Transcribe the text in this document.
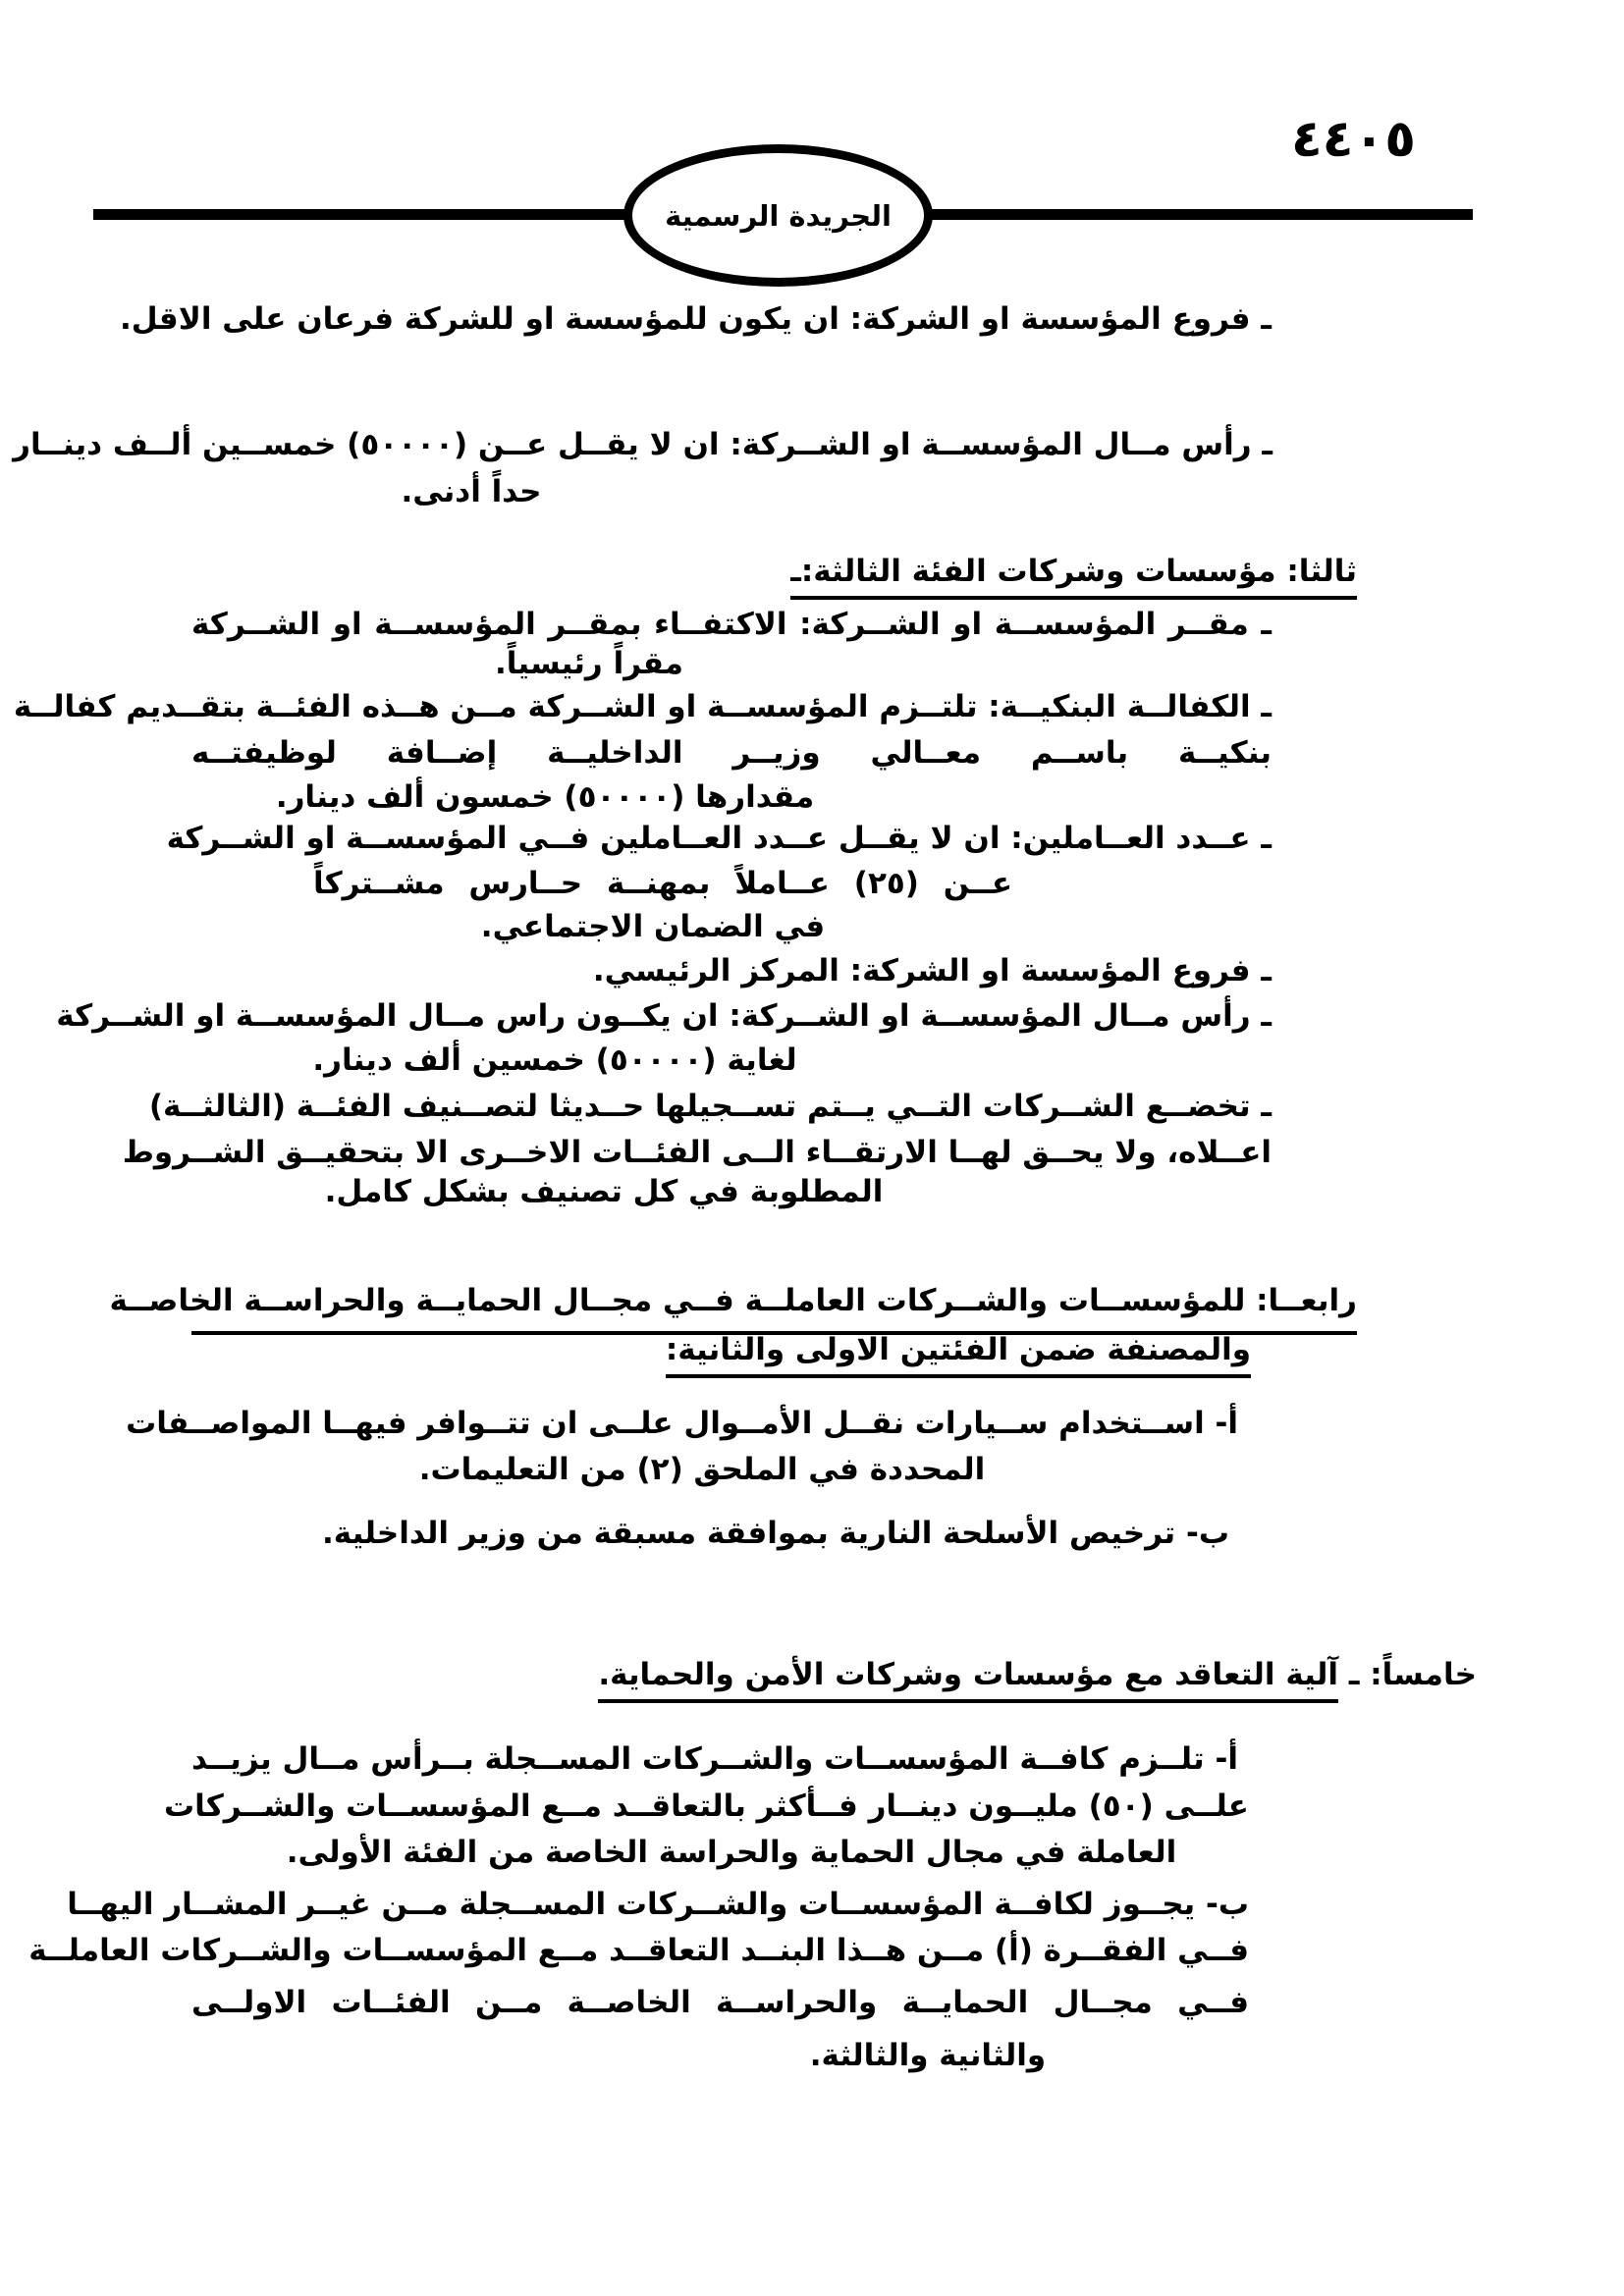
٤٤٠٥
الجريدة الرسمية
ـ فروع المؤسسة او الشركة: ان يكون للمؤسسة او للشركة فرعان على الاقل.
ـ رأس مــال المؤسســة او الشــركة: ان لا يقــل عــن (٥٠٠٠٠) خمســين ألــف دينــار
حداً أدنى.
ثالثا: مؤسسات وشركات الفئة الثالثة:ـ
ـ مقــر المؤسســة او الشــركة: الاكتفــاء بمقــر المؤسســة او الشــركة
مقراً رئيسياً.
ـ الكفالــة البنكيــة: تلتــزم المؤسســة او الشــركة مــن هــذه الفئــة بتقــديم كفالــة
بنكيــة باســم معــالي وزيــر الداخليــة إضــافة لوظيفتــه
مقدارها (٥٠٠٠٠) خمسون ألف دينار.
ـ عــدد العــاملين: ان لا يقــل عــدد العــاملين فــي المؤسســة او الشــركة
عــن (٢٥) عــاملاً بمهنــة حــارس مشــتركاً
في الضمان الاجتماعي.
ـ فروع المؤسسة او الشركة: المركز الرئيسي.
ـ رأس مــال المؤسســة او الشــركة: ان يكــون راس مــال المؤسســة او الشــركة
لغاية (٥٠٠٠٠) خمسين ألف دينار.
ـ تخضــع الشــركات التــي يــتم تســجيلها حــديثا لتصــنيف الفئــة (الثالثــة)
اعــلاه، ولا يحــق لهــا الارتقــاء الــى الفئــات الاخــرى الا بتحقيــق الشــروط
المطلوبة في كل تصنيف بشكل كامل.
رابعــا: للمؤسســات والشــركات العاملــة فــي مجــال الحمايــة والحراســة الخاصــة
والمصنفة ضمن الفئتين الاولى والثانية:
أ- اســتخدام ســيارات نقــل الأمــوال علــى ان تتــوافر فيهــا المواصــفات
المحددة في الملحق (٢) من التعليمات.
ب- ترخيص الأسلحة النارية بموافقة مسبقة من وزير الداخلية.
خامساً: ـ آلية التعاقد مع مؤسسات وشركات الأمن والحماية.
أ- تلــزم كافــة المؤسســات والشــركات المســجلة بــرأس مــال يزيــد
علــى (٥٠) مليــون دينــار فــأكثر بالتعاقــد مــع المؤسســات والشــركات
العاملة في مجال الحماية والحراسة الخاصة من الفئة الأولى.
ب- يجــوز لكافــة المؤسســات والشــركات المســجلة مــن غيــر المشــار اليهــا
فــي الفقــرة (أ) مــن هــذا البنــد التعاقــد مــع المؤسســات والشــركات العاملــة
فــي مجــال الحمايــة والحراســة الخاصــة مــن الفئــات الاولــى
والثانية والثالثة.
